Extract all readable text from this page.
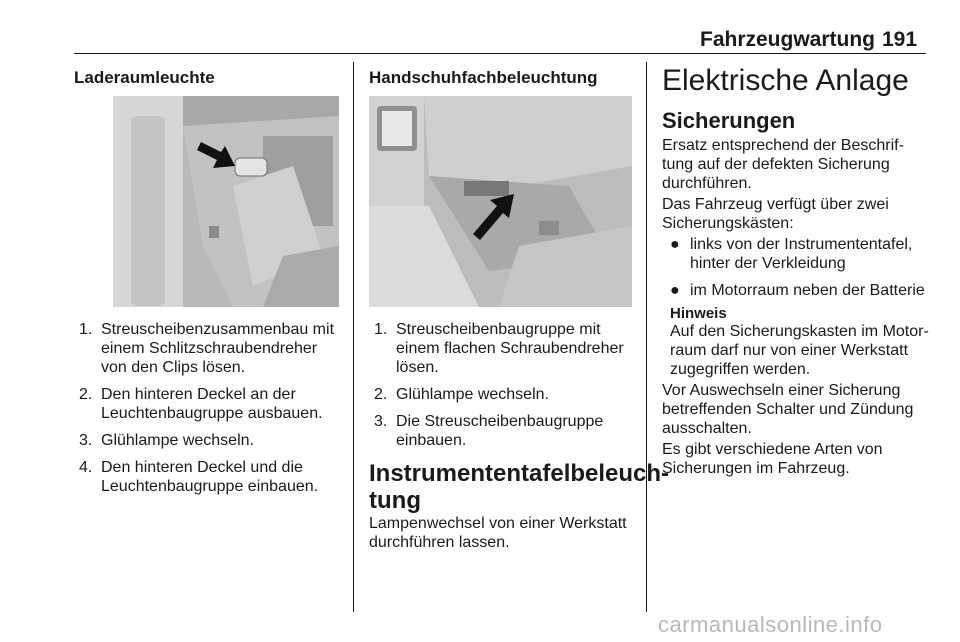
Fahrzeugwartung 191
Laderaumleuchte
1. Streuscheibenzusammenbau mit einem Schlitzschraubendreher von den Clips lösen.
2. Den hinteren Deckel an der Leuchtenbaugruppe ausbauen.
3. Glühlampe wechseln.
4. Den hinteren Deckel und die Leuchtenbaugruppe einbauen.
Handschuhfachbeleuchtung
1. Streuscheibenbaugruppe mit einem flachen Schraubendreher lösen.
2. Glühlampe wechseln.
3. Die Streuscheibenbaugruppe einbauen.
Instrumententafelbeleuch-
tung
Lampenwechsel von einer Werkstatt durchführen lassen.
Elektrische Anlage
Sicherungen
Ersatz entsprechend der Beschriftung auf der defekten Sicherung durchführen.
Das Fahrzeug verfügt über zwei Sicherungskästen:
● links von der Instrumententafel, hinter der Verkleidung
● im Motorraum neben der Batterie
Hinweis
Auf den Sicherungskasten im Motorraum darf nur von einer Werkstatt zugegriffen werden.
Vor Auswechseln einer Sicherung betreffenden Schalter und Zündung ausschalten.
Es gibt verschiedene Arten von Sicherungen im Fahrzeug.
carmanualsonline.info
